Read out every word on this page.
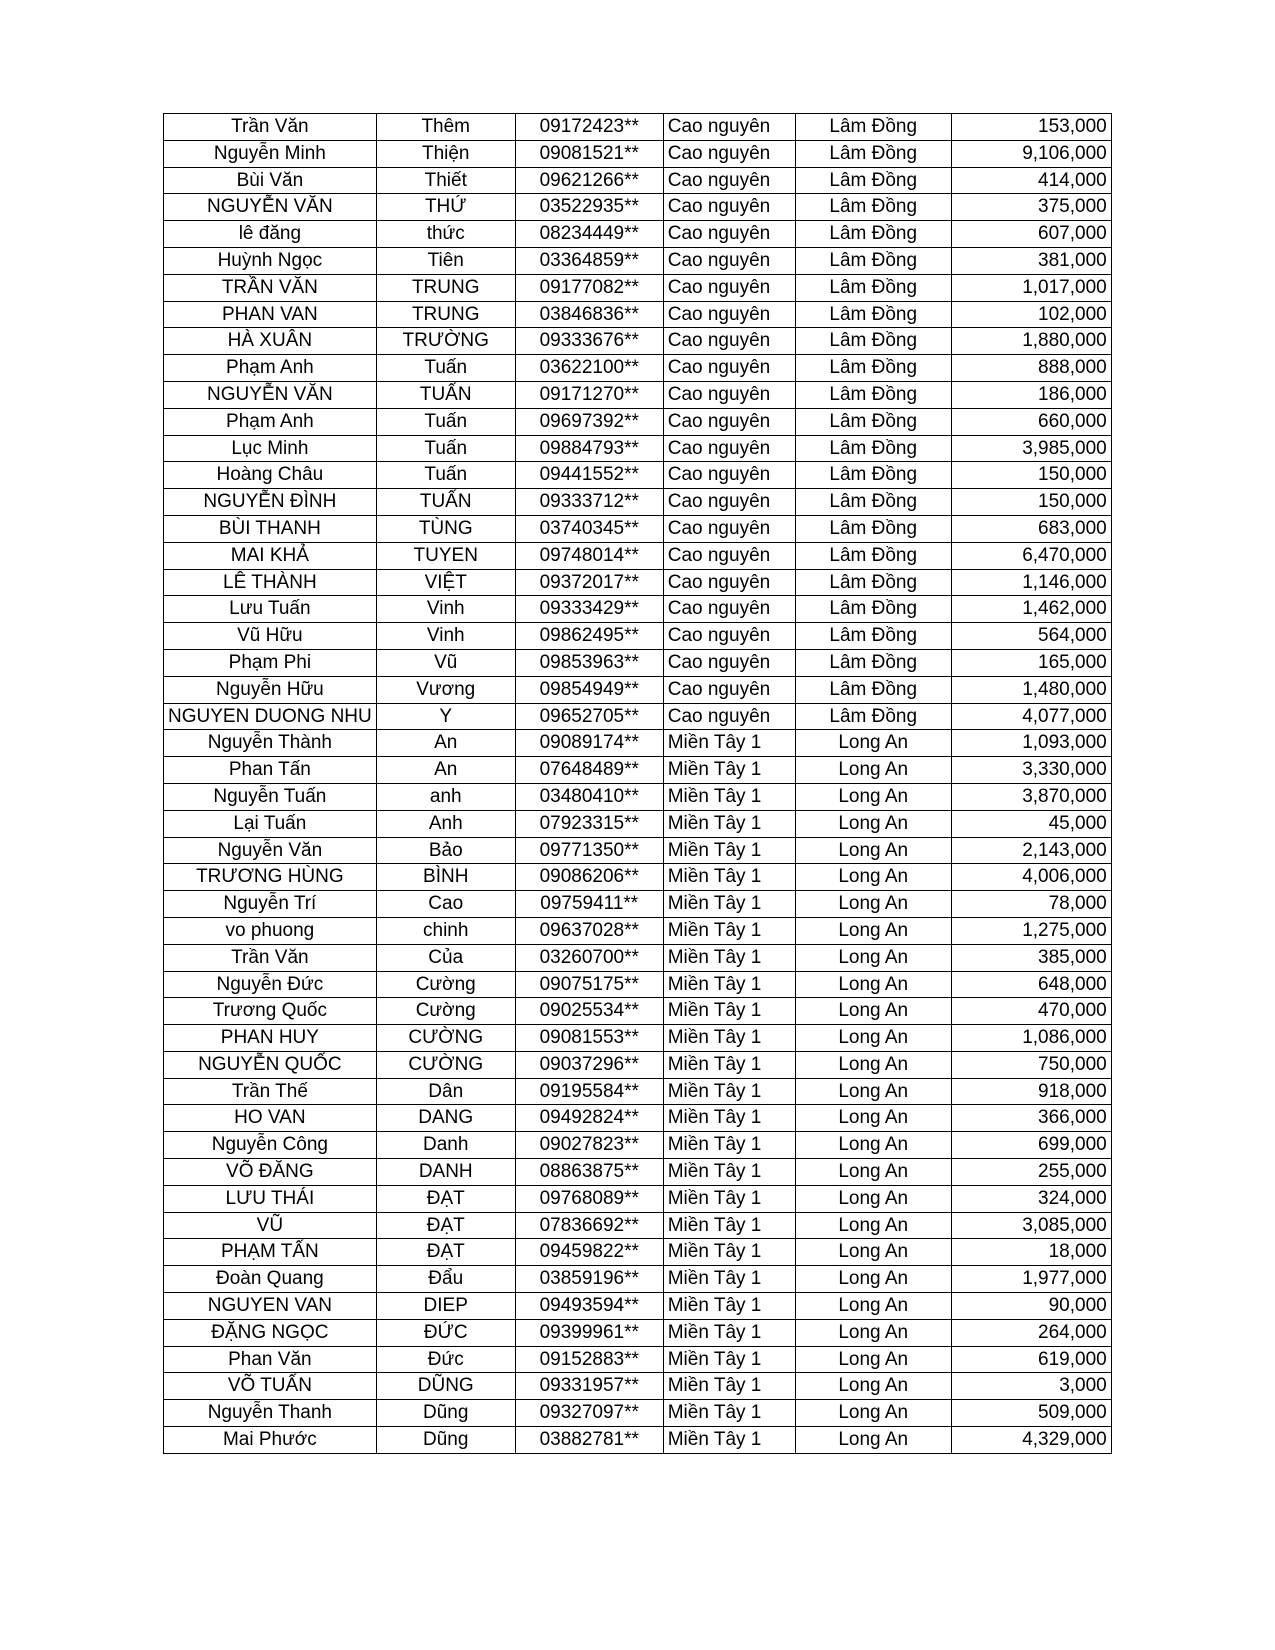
Trần Văn	Thêm	09172423**	Cao nguyên	Lâm Đồng	153,000
Nguyễn Minh	Thiện	09081521**	Cao nguyên	Lâm Đồng	9,106,000
Bùi Văn	Thiết	09621266**	Cao nguyên	Lâm Đồng	414,000
NGUYỄN VĂN	THỨ	03522935**	Cao nguyên	Lâm Đồng	375,000
lê đăng	thức	08234449**	Cao nguyên	Lâm Đồng	607,000
Huỳnh Ngọc	Tiên	03364859**	Cao nguyên	Lâm Đồng	381,000
TRẦN VĂN	TRUNG	09177082**	Cao nguyên	Lâm Đồng	1,017,000
PHAN VAN	TRUNG	03846836**	Cao nguyên	Lâm Đồng	102,000
HÀ XUÂN	TRƯỜNG	09333676**	Cao nguyên	Lâm Đồng	1,880,000
Phạm Anh	Tuấn	03622100**	Cao nguyên	Lâm Đồng	888,000
NGUYỄN VĂN	TUẤN	09171270**	Cao nguyên	Lâm Đồng	186,000
Phạm Anh	Tuấn	09697392**	Cao nguyên	Lâm Đồng	660,000
Lục Minh	Tuấn	09884793**	Cao nguyên	Lâm Đồng	3,985,000
Hoàng Châu	Tuấn	09441552**	Cao nguyên	Lâm Đồng	150,000
NGUYỄN ĐÌNH	TUẤN	09333712**	Cao nguyên	Lâm Đồng	150,000
BÙI THANH	TÙNG	03740345**	Cao nguyên	Lâm Đồng	683,000
MAI KHẢ	TUYEN	09748014**	Cao nguyên	Lâm Đồng	6,470,000
LÊ THÀNH	VIỆT	09372017**	Cao nguyên	Lâm Đồng	1,146,000
Lưu Tuấn	Vinh	09333429**	Cao nguyên	Lâm Đồng	1,462,000
Vũ Hữu	Vinh	09862495**	Cao nguyên	Lâm Đồng	564,000
Phạm Phi	Vũ	09853963**	Cao nguyên	Lâm Đồng	165,000
Nguyễn Hữu	Vương	09854949**	Cao nguyên	Lâm Đồng	1,480,000
NGUYEN DUONG NHU	Y	09652705**	Cao nguyên	Lâm Đồng	4,077,000
Nguyễn Thành	An	09089174**	Miền Tây 1	Long An	1,093,000
Phan Tấn	An	07648489**	Miền Tây 1	Long An	3,330,000
Nguyễn Tuấn	anh	03480410**	Miền Tây 1	Long An	3,870,000
Lại Tuấn	Anh	07923315**	Miền Tây 1	Long An	45,000
Nguyễn Văn	Bảo	09771350**	Miền Tây 1	Long An	2,143,000
TRƯƠNG HÙNG	BÌNH	09086206**	Miền Tây 1	Long An	4,006,000
Nguyễn Trí	Cao	09759411**	Miền Tây 1	Long An	78,000
vo phuong	chinh	09637028**	Miền Tây 1	Long An	1,275,000
Trần Văn	Của	03260700**	Miền Tây 1	Long An	385,000
Nguyễn Đức	Cường	09075175**	Miền Tây 1	Long An	648,000
Trương Quốc	Cường	09025534**	Miền Tây 1	Long An	470,000
PHAN HUY	CƯỜNG	09081553**	Miền Tây 1	Long An	1,086,000
NGUYỄN QUỐC	CƯỜNG	09037296**	Miền Tây 1	Long An	750,000
Trần Thế	Dân	09195584**	Miền Tây 1	Long An	918,000
HO VAN	DANG	09492824**	Miền Tây 1	Long An	366,000
Nguyễn Công	Danh	09027823**	Miền Tây 1	Long An	699,000
VÕ ĐĂNG	DANH	08863875**	Miền Tây 1	Long An	255,000
LƯU THÁI	ĐẠT	09768089**	Miền Tây 1	Long An	324,000
VŨ	ĐẠT	07836692**	Miền Tây 1	Long An	3,085,000
PHẠM TẤN	ĐẠT	09459822**	Miền Tây 1	Long An	18,000
Đoàn Quang	Đẩu	03859196**	Miền Tây 1	Long An	1,977,000
NGUYEN VAN	DIEP	09493594**	Miền Tây 1	Long An	90,000
ĐẶNG NGỌC	ĐỨC	09399961**	Miền Tây 1	Long An	264,000
Phan Văn	Đức	09152883**	Miền Tây 1	Long An	619,000
VÕ TUẤN	DŨNG	09331957**	Miền Tây 1	Long An	3,000
Nguyễn Thanh	Dũng	09327097**	Miền Tây 1	Long An	509,000
Mai Phước	Dũng	03882781**	Miền Tây 1	Long An	4,329,000
